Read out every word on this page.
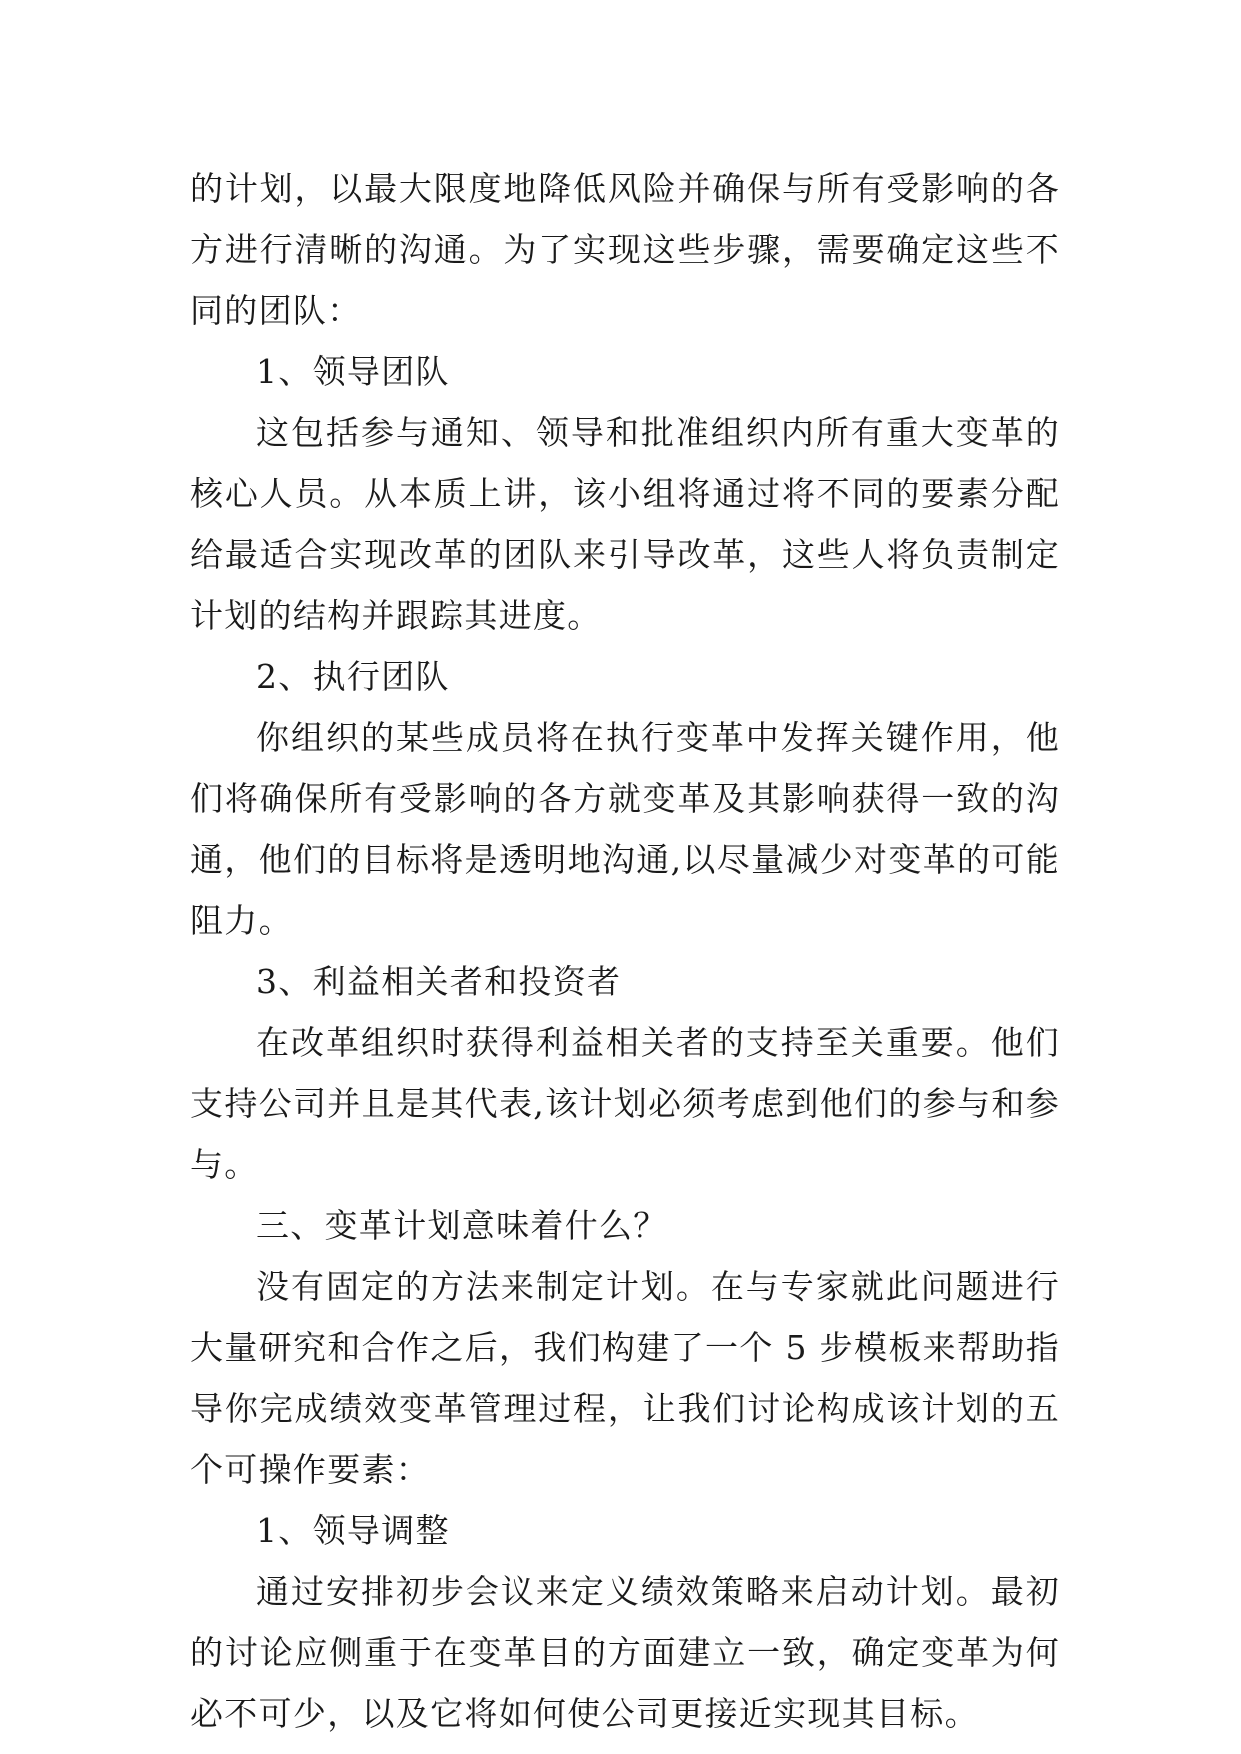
的计划，以最大限度地降低风险并确保与所有受影响的各方进行清晰的沟通。为了实现这些步骤，需要确定这些不同的团队：

1、领导团队

这包括参与通知、领导和批准组织内所有重大变革的核心人员。从本质上讲，该小组将通过将不同的要素分配给最适合实现改革的团队来引导改革，这些人将负责制定计划的结构并跟踪其进度。

2、执行团队

你组织的某些成员将在执行变革中发挥关键作用，他们将确保所有受影响的各方就变革及其影响获得一致的沟通，他们的目标将是透明地沟通,以尽量减少对变革的可能阻力。

3、利益相关者和投资者

在改革组织时获得利益相关者的支持至关重要。他们支持公司并且是其代表,该计划必须考虑到他们的参与和参与。

三、变革计划意味着什么？

没有固定的方法来制定计划。在与专家就此问题进行大量研究和合作之后，我们构建了一个 5 步模板来帮助指导你完成绩效变革管理过程，让我们讨论构成该计划的五个可操作要素：

1、领导调整

通过安排初步会议来定义绩效策略来启动计划。最初的讨论应侧重于在变革目的方面建立一致，确定变革为何必不可少，以及它将如何使公司更接近实现其目标。
